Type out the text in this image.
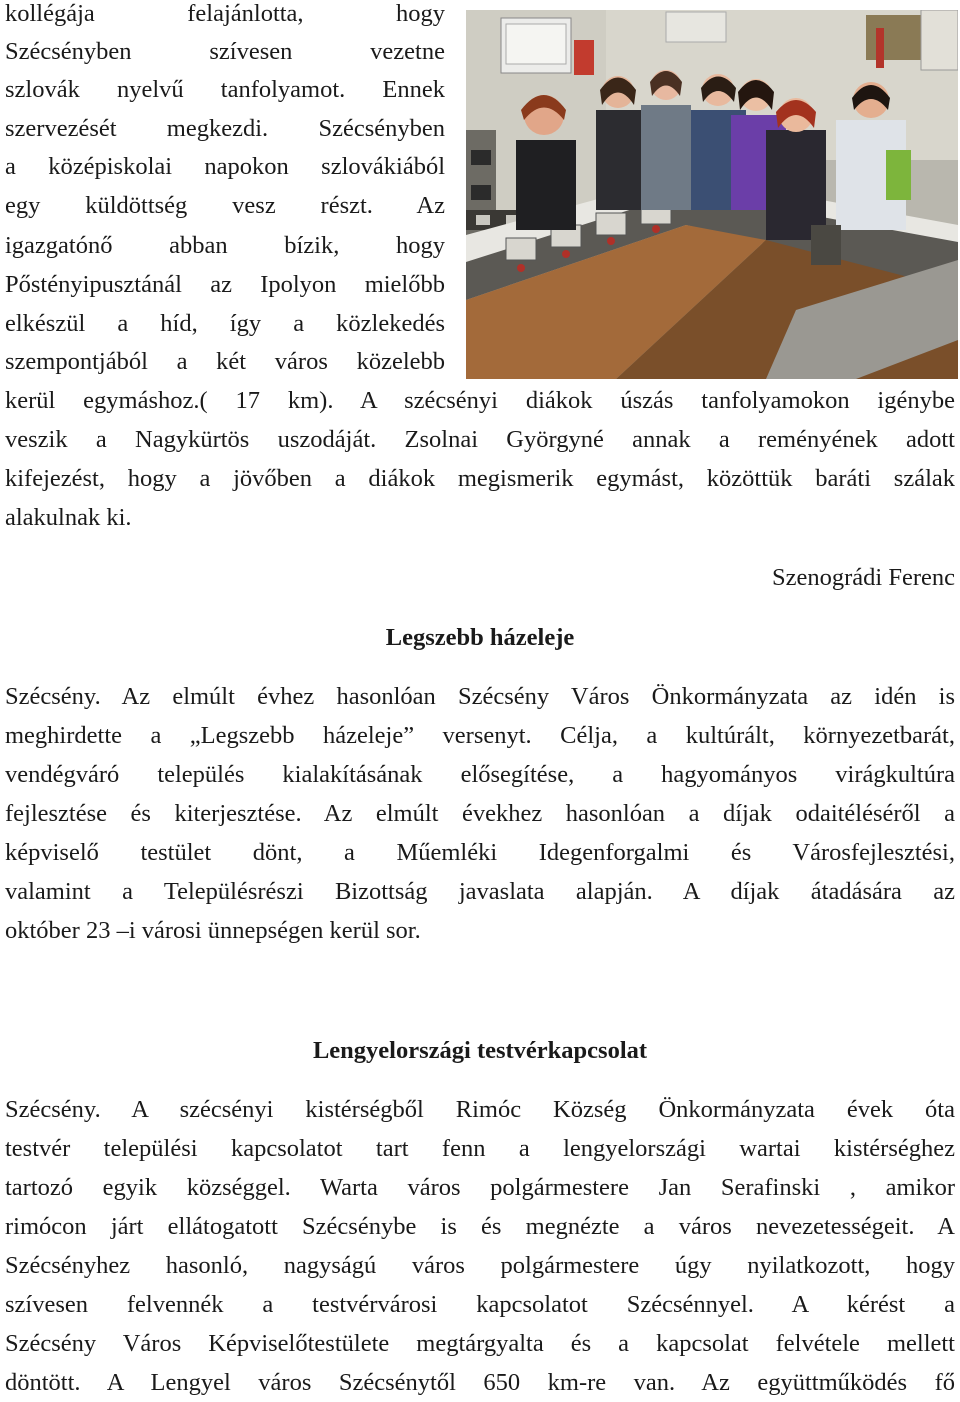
kollégája felajánlotta, hogy
Szécsényben szívesen vezetne
szlovák nyelvű tanfolyamot. Ennek
szervezését megkezdi. Szécsényben
a középiskolai napokon szlovákiából
egy küldöttség vesz részt. Az
igazgatónő abban bízik, hogy
Pőstényipusztánál az Ipolyon mielőbb
elkészül a híd, így a közlekedés
szempontjából a két város közelebb
kerül egymáshoz.( 17 km). A szécsényi diákok úszás tanfolyamokon igénybe
veszik a Nagykürtös uszodáját. Zsolnai Györgyné annak a reményének adott
kifejezést, hogy a jövőben a diákok megismerik egymást, közöttük baráti szálak
alakulnak ki.
Szenográdi Ferenc
Legszebb házeleje
Szécsény. Az elmúlt évhez hasonlóan Szécsény Város Önkormányzata az idén is
meghirdette a „Legszebb házeleje” versenyt. Célja, a kultúrált, környezetbarát,
vendégváró település kialakításának elősegítése, a hagyományos virágkultúra
fejlesztése és kiterjesztése. Az elmúlt évekhez hasonlóan a díjak odaitéléséről a
képviselő testület dönt, a Műemléki Idegenforgalmi és Városfejlesztési,
valamint a Településrészi Bizottság javaslata alapján. A díjak átadására az
október 23 –i városi ünnepségen kerül sor.
Lengyelországi testvérkapcsolat
Szécsény. A szécsényi kistérségből Rimóc Község Önkormányzata évek óta
testvér települési kapcsolatot tart fenn a lengyelországi wartai kistérséghez
tartozó egyik községgel. Warta város polgármestere Jan Serafinski , amikor
rimócon járt ellátogatott Szécsénybe is és megnézte a város nevezetességeit. A
Szécsényhez hasonló, nagyságú város polgármestere úgy nyilatkozott, hogy
szívesen felvennék a testvérvárosi kapcsolatot Szécsénnyel. A kérést a
Szécsény Város Képviselőtestülete megtárgyalta és a kapcsolat felvétele mellett
döntött. A Lengyel város Szécsénytől 650 km-re van. Az együttműködés fő
